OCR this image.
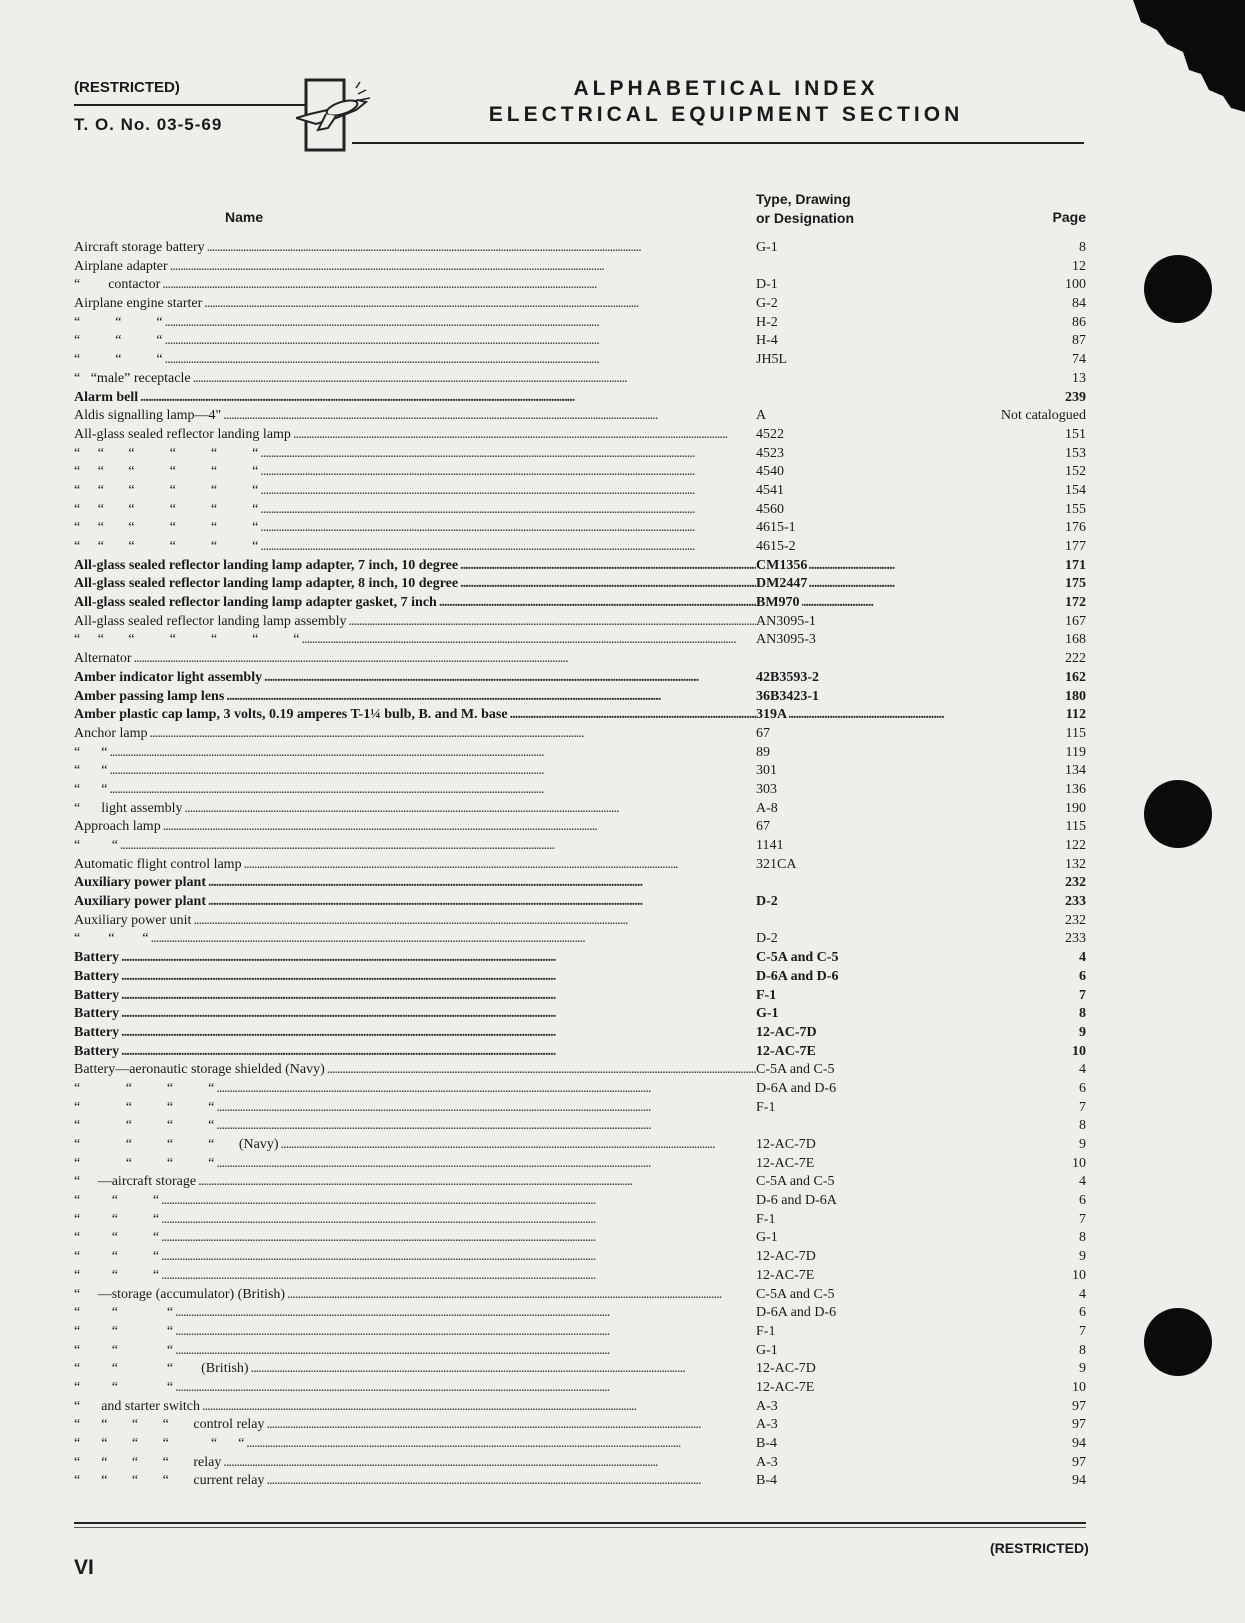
(RESTRICTED)
T. O. No. 03-5-69
ALPHABETICAL INDEX
ELECTRICAL EQUIPMENT SECTION
Name
Type, Drawing
or Designation	Page
Aircraft storage battery . . .	G-1	8
Airplane adapter . . .	12
“        contactor . . .	D-1	100
Airplane engine starter . . .	G-2	84
“          “          “ . . .	H-2	86
“          “          “ . . .	H-4	87
“          “          “ . . .	JH5L	74
“   “male” receptacle . . .	13
Alarm bell . . .	239
Aldis signalling lamp—4" . . .	A	Not catalogued
All-glass sealed reflector landing lamp . . .	4522	151
“     “       “          “          “          “ . . .	4523	153
“     “       “          “          “          “ . . .	4540	152
“     “       “          “          “          “ . . .	4541	154
“     “       “          “          “          “ . . .	4560	155
“     “       “          “          “          “ . . .	4615-1	176
“     “       “          “          “          “ . . .	4615-2	177
All-glass sealed reflector landing lamp adapter, 7 inch, 10 degree . . .	CM1356	171
All-glass sealed reflector landing lamp adapter, 8 inch, 10 degree . . .	DM2447	175
All-glass sealed reflector landing lamp adapter gasket, 7 inch . . .	BM970	172
All-glass sealed reflector landing lamp assembly . . .	AN3095-1	167
“     “       “          “          “          “          “ . . .	AN3095-3	168
Alternator . . .	222
Amber indicator light assembly . . .	42B3593-2	162
Amber passing lamp lens . . .	36B3423-1	180
Amber plastic cap lamp, 3 volts, 0.19 amperes T-1¼ bulb, B. and M. base . . .	319A	112
Anchor lamp . . .	67	115
“      “ . . .	89	119
“      “ . . .	301	134
“      “ . . .	303	136
“      light assembly . . .	A-8	190
Approach lamp . . .	67	115
“         “ . . .	1141	122
Automatic flight control lamp . . .	321CA	132
Auxiliary power plant . . .	232
Auxiliary power plant . . .	D-2	233
Auxiliary power unit . . .	232
“        “        “ . . .	D-2	233
Battery . . .	C-5A and C-5	4
Battery . . .	D-6A and D-6	6
Battery . . .	F-1	7
Battery . . .	G-1	8
Battery . . .	12-AC-7D	9
Battery . . .	12-AC-7E	10
Battery—aeronautic storage shielded (Navy) . . .	C-5A and C-5	4
“             “          “          “ . . .	D-6A and D-6	6
“             “          “          “ . . .	F-1	7
“             “          “          “ . . .	8
“             “          “          “       (Navy) . . .	12-AC-7D	9
“             “          “          “ . . .	12-AC-7E	10
“     —aircraft storage . . .	C-5A and C-5	4
“         “          “ . . .	D-6 and D-6A	6
“         “          “ . . .	F-1	7
“         “          “ . . .	G-1	8
“         “          “ . . .	12-AC-7D	9
“         “          “ . . .	12-AC-7E	10
“     —storage (accumulator) (British) . . .	C-5A and C-5	4
“         “              “ . . .	D-6A and D-6	6
“         “              “ . . .	F-1	7
“         “              “ . . .	G-1	8
“         “              “        (British) . . .	12-AC-7D	9
“         “              “ . . .	12-AC-7E	10
“      and starter switch . . .	A-3	97
“      “       “       “       control relay . . .	A-3	97
“      “       “       “            “      “ . . .	B-4	94
“      “       “       “       relay . . .	A-3	97
“      “       “       “       current relay . . .	B-4	94
VI
(RESTRICTED)
